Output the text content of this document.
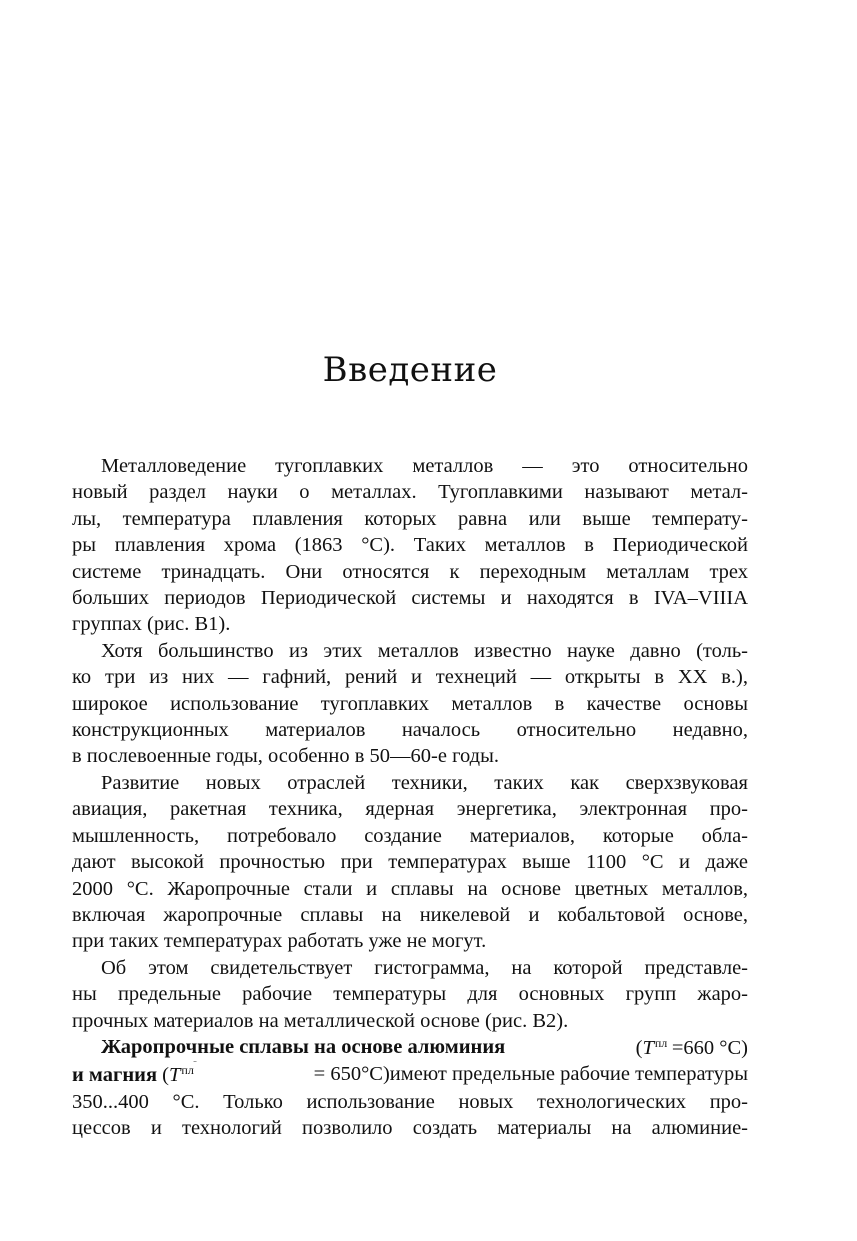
Введение
Металловедение тугоплавких металлов — это относительно
новый раздел науки о металлах. Тугоплавкими называют метал-
лы, температура плавления которых равна или выше температу-
ры плавления хрома (1863 °C). Таких металлов в Периодической
системе тринадцать. Они относятся к переходным металлам трех
больших периодов Периодической системы и находятся в IVA–VIIIA
группах (рис. В1).
Хотя большинство из этих металлов известно науке давно (толь-
ко три из них — гафний, рений и технеций — открыты в XX в.),
широкое использование тугоплавких металлов в качестве основы
конструкционных материалов началось относительно недавно,
в послевоенные годы, особенно в 50—60-е годы.
Развитие новых отраслей техники, таких как сверхзвуковая
авиация, ракетная техника, ядерная энергетика, электронная про-
мышленность, потребовало создание материалов, которые обла-
дают высокой прочностью при температурах выше 1100 °C и даже
2000 °C. Жаропрочные стали и сплавы на основе цветных металлов,
включая жаропрочные сплавы на никелевой и кобальтовой основе,
при таких температурах работать уже не могут.
Об этом свидетельствует гистограмма, на которой представле-
ны предельные рабочие температуры для основных групп жаро-
прочных материалов на металлической основе (рис. В2).
Жаропрочные сплавы на основе алюминия	(T пл =660 °C)
и магния (T пл	= 650°C)имеют предельные рабочие температуры
350...400 °C. Только использование новых технологических про-
цессов и технологий позволило создать материалы на алюминие-
